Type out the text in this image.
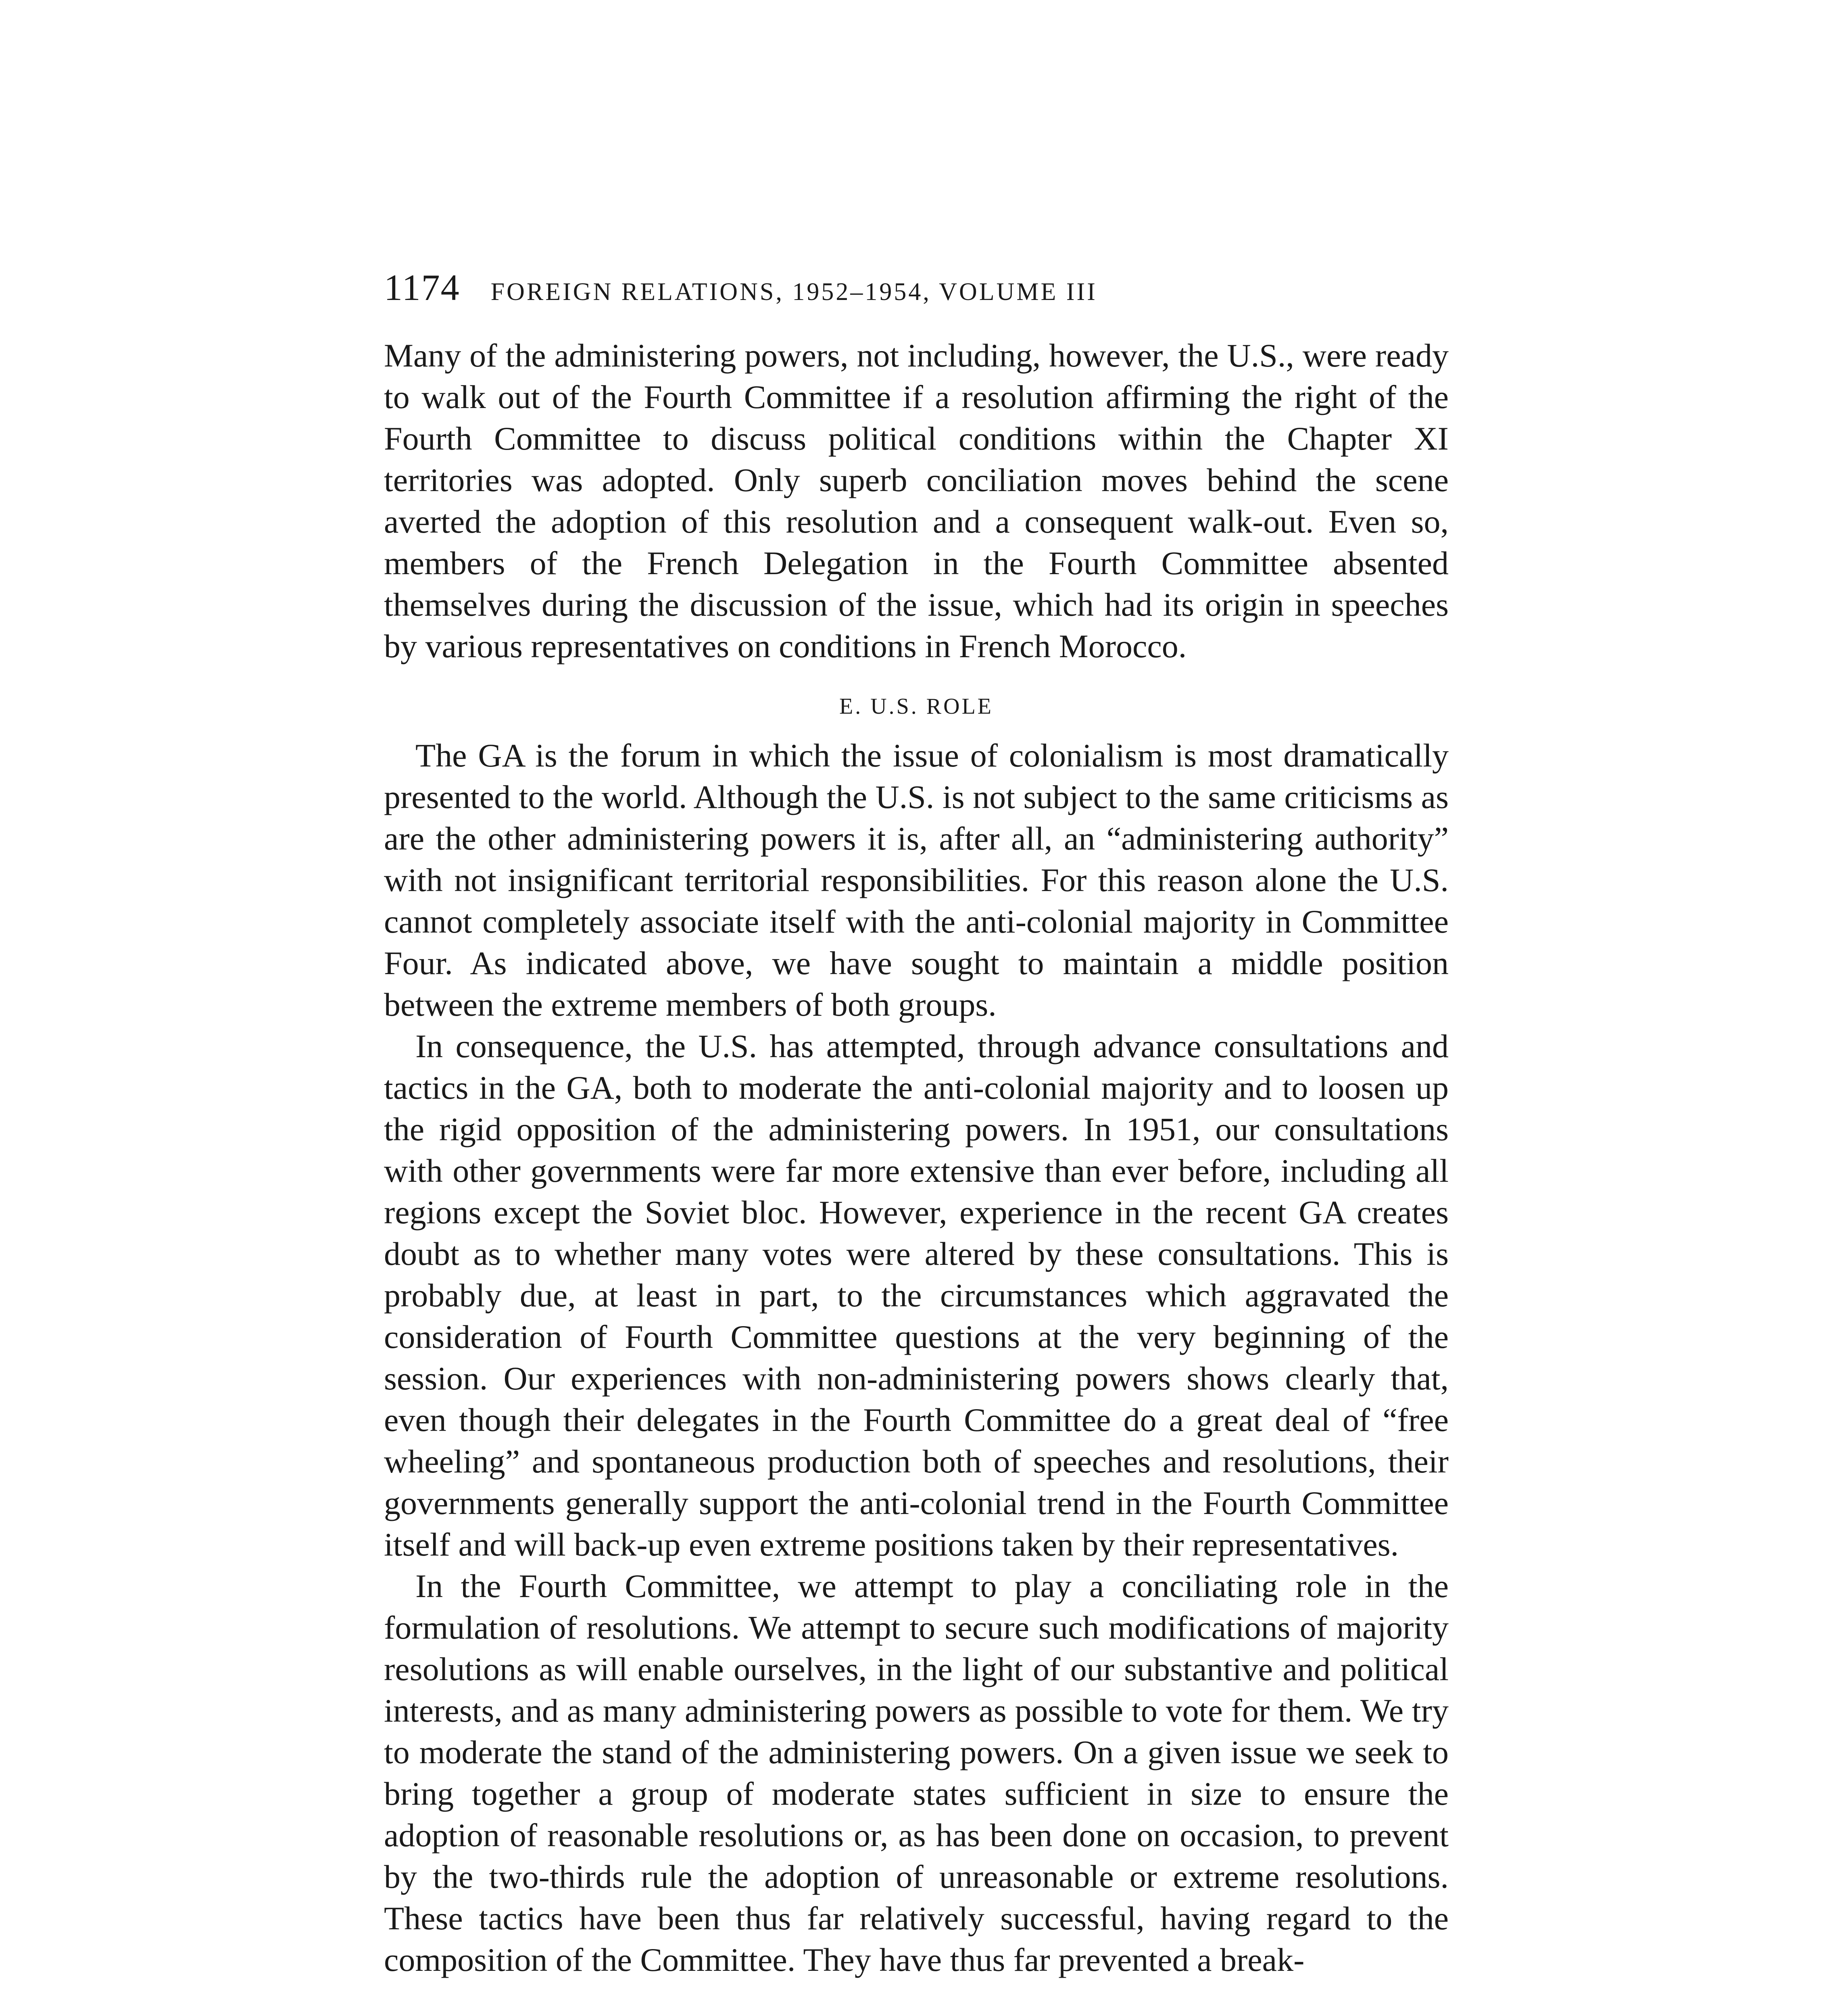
1174 FOREIGN RELATIONS, 1952–1954, VOLUME III

Many of the administering powers, not including, however, the U.S., were ready to walk out of the Fourth Committee if a resolution affirming the right of the Fourth Committee to discuss political conditions within the Chapter XI territories was adopted. Only superb conciliation moves behind the scene averted the adoption of this resolution and a consequent walk-out. Even so, members of the French Delegation in the Fourth Committee absented themselves during the discussion of the issue, which had its origin in speeches by various representatives on conditions in French Morocco.

E. U.S. ROLE

The GA is the forum in which the issue of colonialism is most dramatically presented to the world. Although the U.S. is not subject to the same criticisms as are the other administering powers it is, after all, an “administering authority” with not insignificant territorial responsibilities. For this reason alone the U.S. cannot completely associate itself with the anti-colonial majority in Committee Four. As indicated above, we have sought to maintain a middle position between the extreme members of both groups.

In consequence, the U.S. has attempted, through advance consultations and tactics in the GA, both to moderate the anti-colonial majority and to loosen up the rigid opposition of the administering powers. In 1951, our consultations with other governments were far more extensive than ever before, including all regions except the Soviet bloc. However, experience in the recent GA creates doubt as to whether many votes were altered by these consultations. This is probably due, at least in part, to the circumstances which aggravated the consideration of Fourth Committee questions at the very beginning of the session. Our experiences with non-administering powers shows clearly that, even though their delegates in the Fourth Committee do a great deal of “free wheeling” and spontaneous production both of speeches and resolutions, their governments generally support the anti-colonial trend in the Fourth Committee itself and will back-up even extreme positions taken by their representatives.

In the Fourth Committee, we attempt to play a conciliating role in the formulation of resolutions. We attempt to secure such modifications of majority resolutions as will enable ourselves, in the light of our substantive and political interests, and as many administering powers as possible to vote for them. We try to moderate the stand of the administering powers. On a given issue we seek to bring together a group of moderate states sufficient in size to ensure the adoption of reasonable resolutions or, as has been done on occasion, to prevent by the two-thirds rule the adoption of unreasonable or extreme resolutions. These tactics have been thus far relatively successful, having regard to the composition of the Committee. They have thus far prevented a break-
